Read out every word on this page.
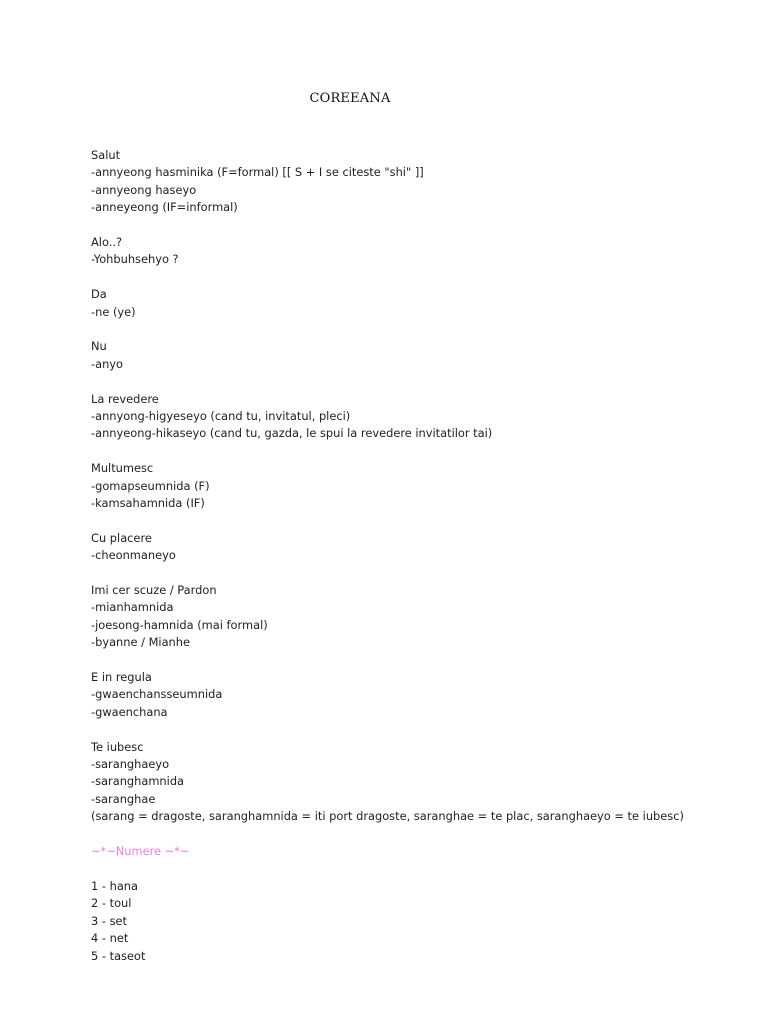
COREEANA
Salut
-annyeong hasminika (F=formal) [[ S + I se citeste "shi" ]]
-annyeong haseyo
-anneyeong (IF=informal)
Alo..?
-Yohbuhsehyo ?
Da
-ne (ye)
Nu
-anyo
La revedere
-annyong-higyeseyo (cand tu, invitatul, pleci)
-annyeong-hikaseyo (cand tu, gazda, le spui la revedere invitatilor tai)
Multumesc
-gomapseumnida (F)
-kamsahamnida (IF)
Cu placere
-cheonmaneyo
Imi cer scuze / Pardon
-mianhamnida
-joesong-hamnida (mai formal)
-byanne / Mianhe
E in regula
-gwaenchansseumnida
-gwaenchana
Te iubesc
-saranghaeyo
-saranghamnida
-saranghae
(sarang = dragoste, saranghamnida = iti port dragoste, saranghae = te plac, saranghaeyo = te iubesc)
~*~Numere ~*~
1 - hana
2 - toul
3 - set
4 - net
5 - taseot
